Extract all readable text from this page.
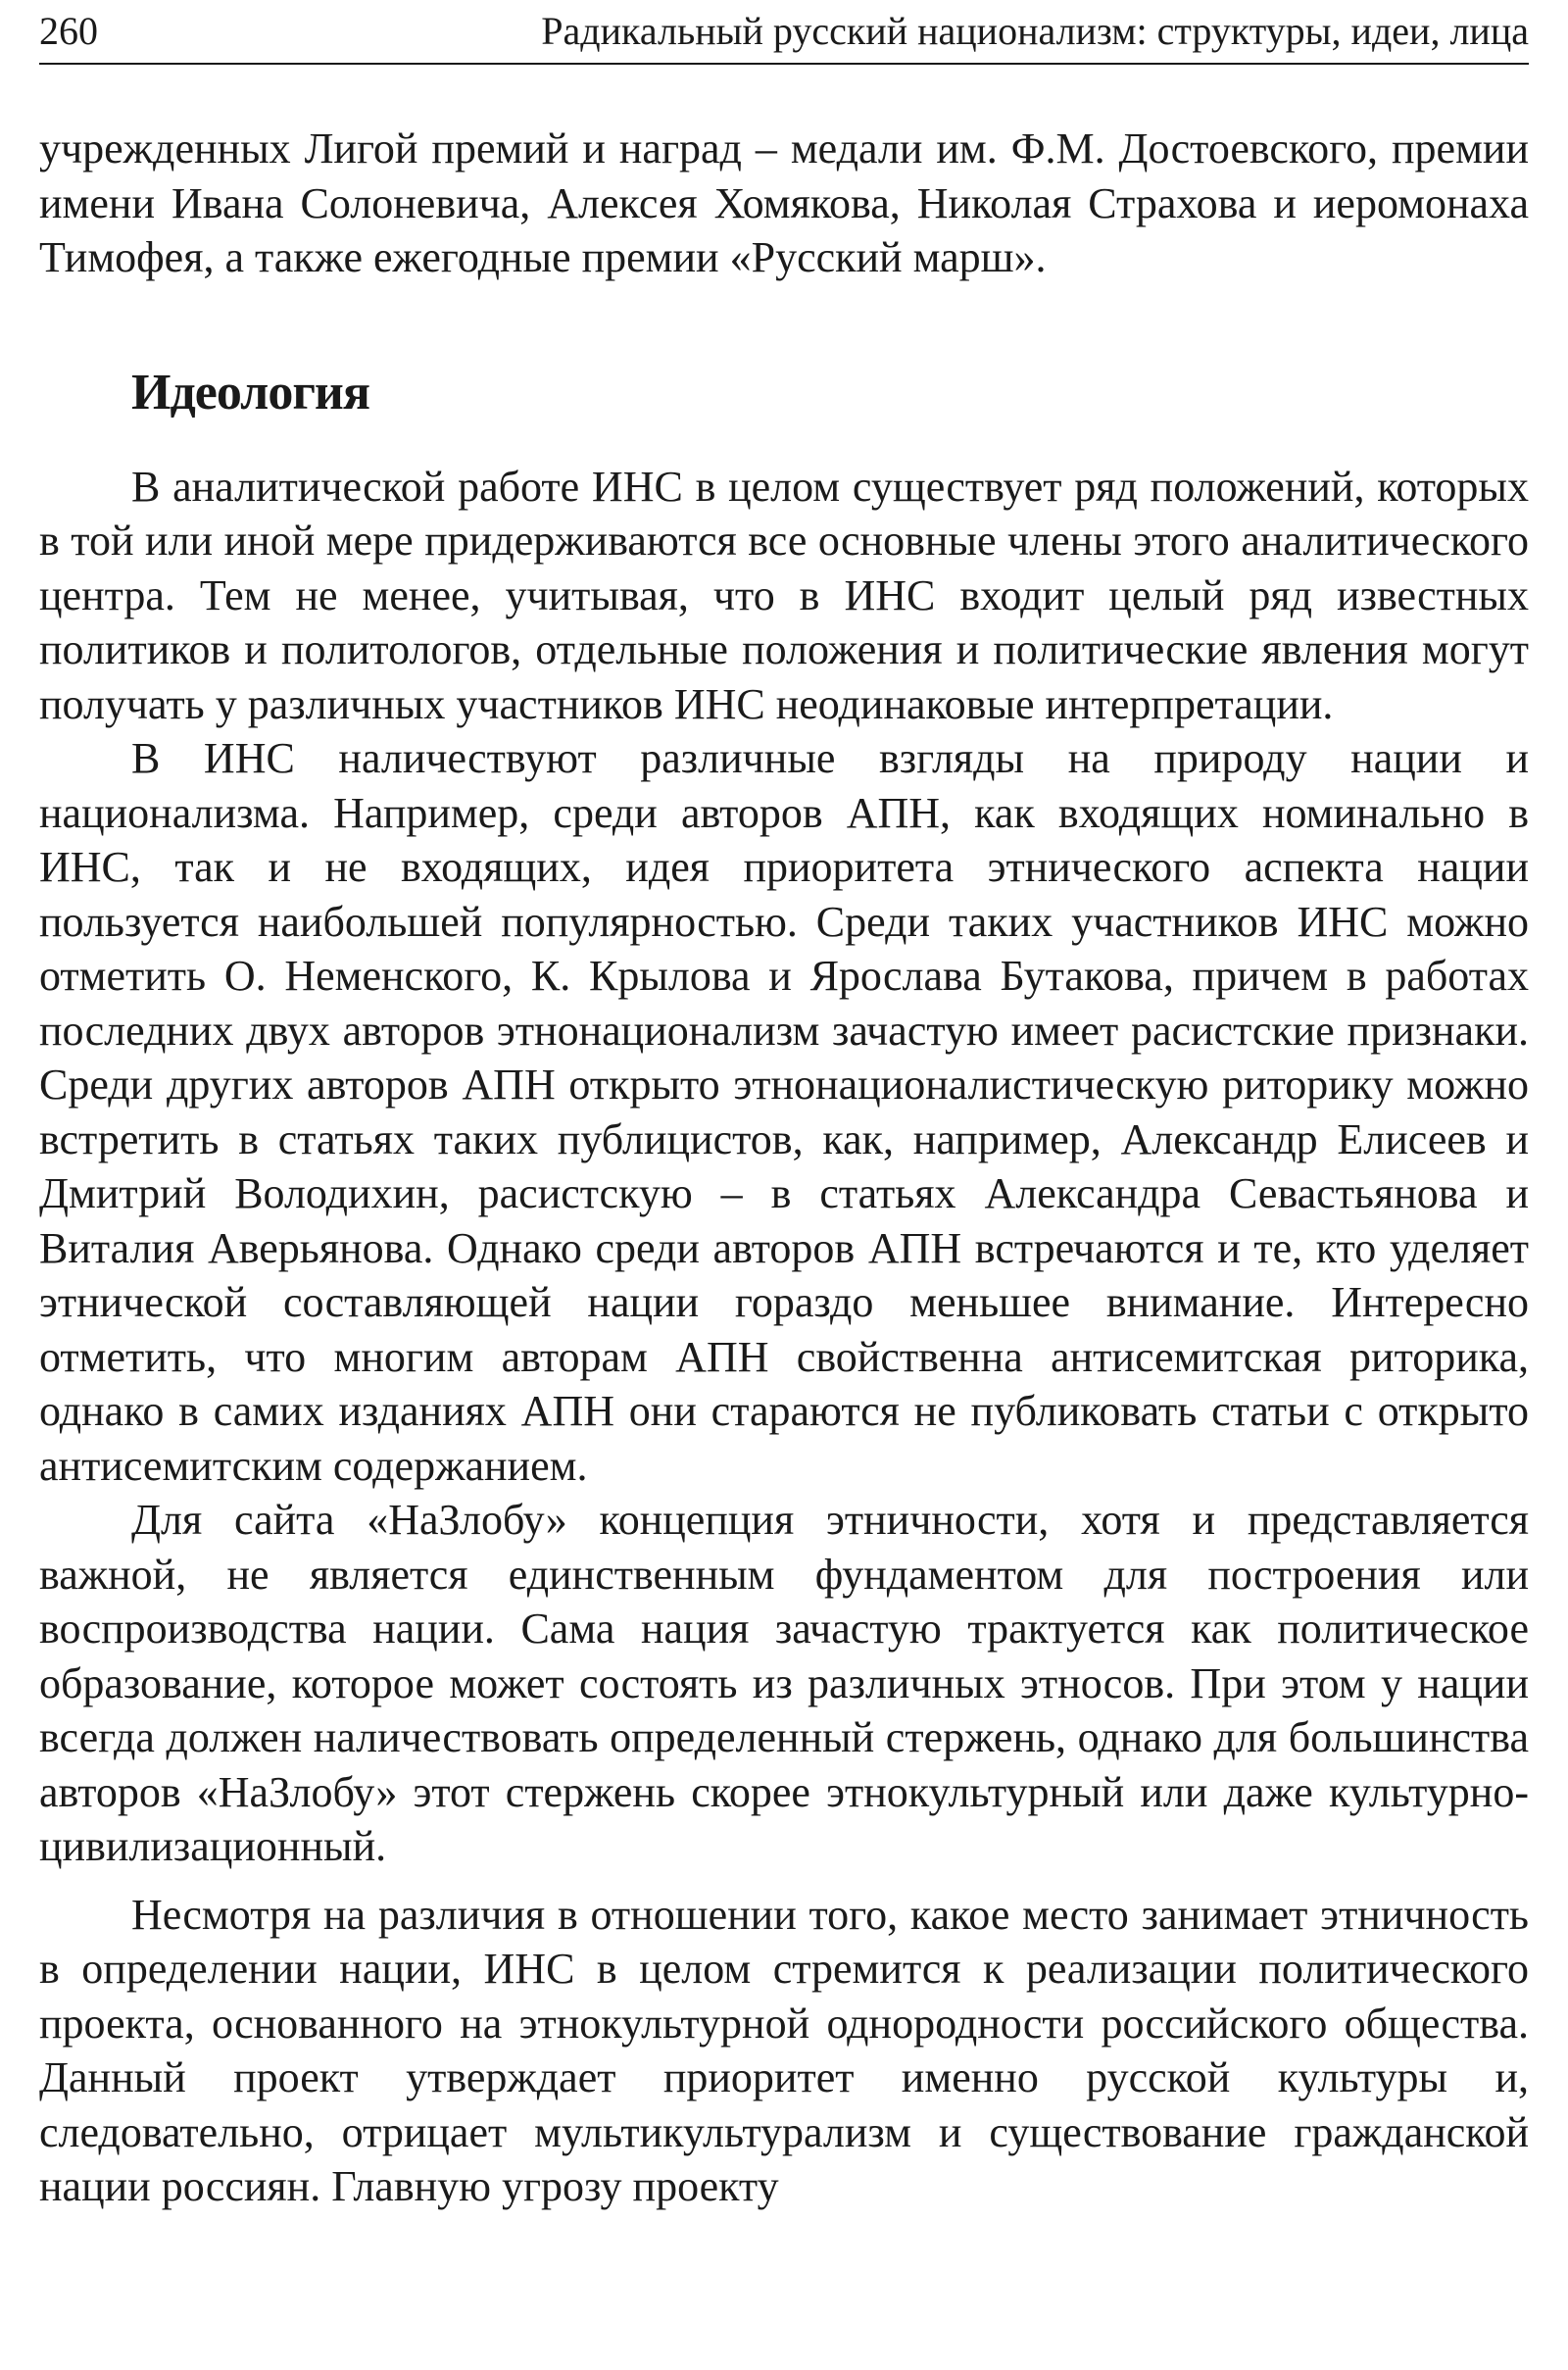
260	Радикальный русский национализм: структуры, идеи, лица

учрежденных Лигой премий и наград – медали им. Ф.М. Достоевского, премии имени Ивана Солоневича, Алексея Хомякова, Николая Страхова и иеромонаха Тимофея, а также ежегодные премии «Русский марш».

Идеология

В аналитической работе ИНС в целом существует ряд положений, которых в той или иной мере придерживаются все основные члены этого аналитического центра. Тем не менее, учитывая, что в ИНС входит целый ряд известных политиков и политологов, отдельные положения и политические явления могут получать у различных участников ИНС неодинаковые интерпретации.

В ИНС наличествуют различные взгляды на природу нации и национализма. Например, среди авторов АПН, как входящих номинально в ИНС, так и не входящих, идея приоритета этнического аспекта нации пользуется наибольшей популярностью. Среди таких участников ИНС можно отметить О. Неменского, К. Крылова и Ярослава Бутакова, причем в работах последних двух авторов этнонационализм зачастую имеет расистские признаки. Среди других авторов АПН открыто этнонационалистическую риторику можно встретить в статьях таких публицистов, как, например, Александр Елисеев и Дмитрий Володихин, расистскую – в статьях Александра Севастьянова и Виталия Аверьянова. Однако среди авторов АПН встречаются и те, кто уделяет этнической составляющей нации гораздо меньшее внимание. Интересно отметить, что многим авторам АПН свойственна антисемитская риторика, однако в самих изданиях АПН они стараются не публиковать статьи с открыто антисемитским содержанием.

Для сайта «НаЗлобу» концепция этничности, хотя и представляется важной, не является единственным фундаментом для построения или воспроизводства нации. Сама нация зачастую трактуется как политическое образование, которое может состоять из различных этносов. При этом у нации всегда должен наличествовать определенный стержень, однако для большинства авторов «НаЗлобу» этот стержень скорее этнокультурный или даже культурно-цивилизационный.

Несмотря на различия в отношении того, какое место занимает этничность в определении нации, ИНС в целом стремится к реализации политического проекта, основанного на этнокультурной однородности российского общества. Данный проект утверждает приоритет именно русской культуры и, следовательно, отрицает мультикультурализм и существование гражданской нации россиян. Главную угрозу проекту
